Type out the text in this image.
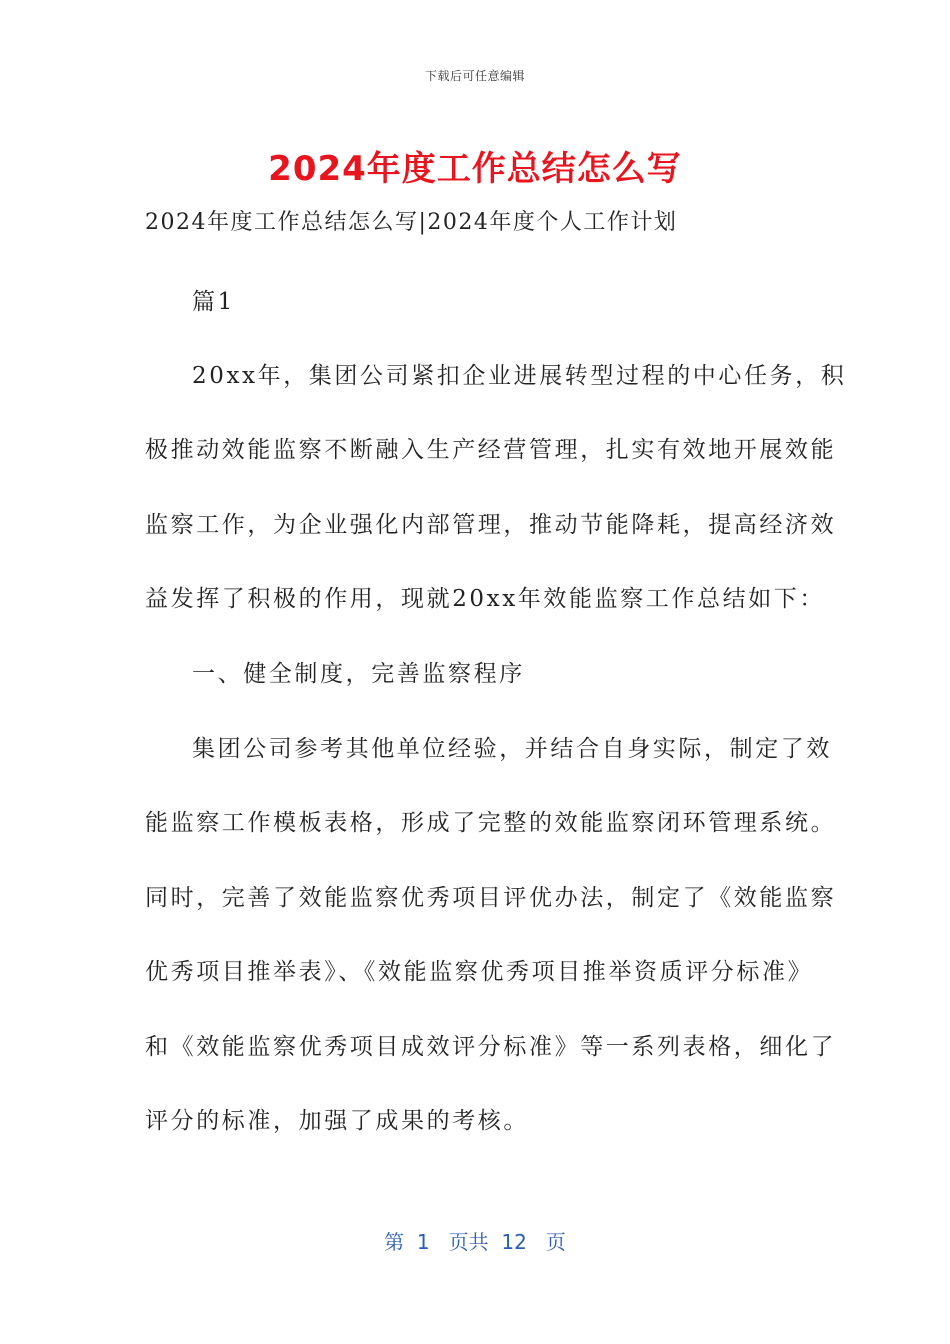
下载后可任意编辑
2024年度工作总结怎么写
2024年度工作总结怎么写|2024年度个人工作计划
篇1
20xx年，集团公司紧扣企业进展转型过程的中心任务，积
极推动效能监察不断融入生产经营管理，扎实有效地开展效能
监察工作，为企业强化内部管理，推动节能降耗，提高经济效
益发挥了积极的作用，现就20xx年效能监察工作总结如下：
一、健全制度，完善监察程序
集团公司参考其他单位经验，并结合自身实际，制定了效
能监察工作模板表格，形成了完整的效能监察闭环管理系统。
同时，完善了效能监察优秀项目评优办法，制定了《效能监察
优秀项目推举表》、《效能监察优秀项目推举资质评分标准》
和《效能监察优秀项目成效评分标准》等一系列表格，细化了
评分的标准，加强了成果的考核。
第  1   页共  12   页
